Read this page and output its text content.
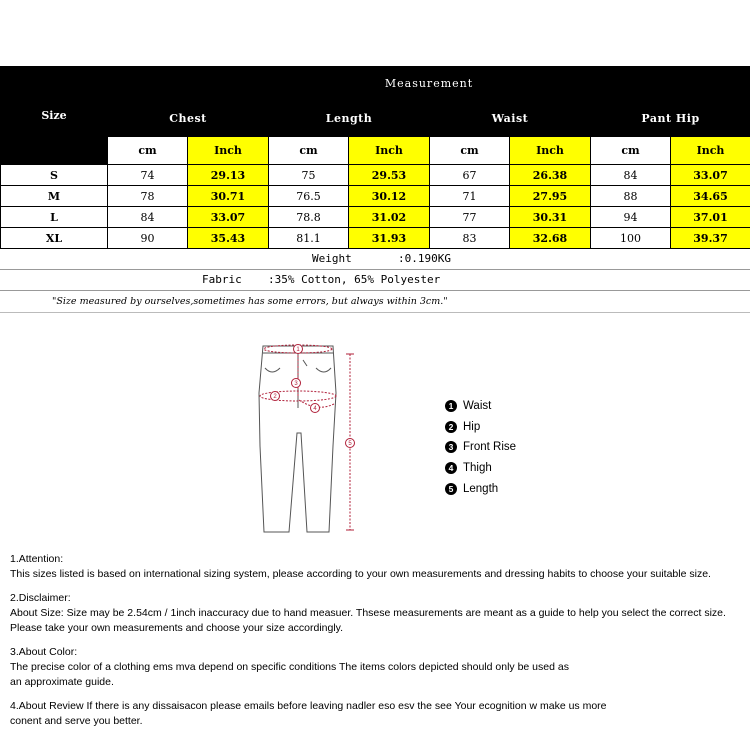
Size	Measurement							
	Chest		Length		Waist		Pant Hip	
	cm	Inch	cm	Inch	cm	Inch	cm	Inch
S	74	29.13	75	29.53	67	26.38	84	33.07
M	78	30.71	76.5	30.12	71	27.95	88	34.65
L	84	33.07	78.8	31.02	77	30.31	94	37.01
XL	90	35.43	81.1	31.93	83	32.68	100	39.37
Weight	:0.190KG
Fabric :35% Cotton, 65% Polyester
"Size measured by ourselves,sometimes has some errors, but always within 3cm."
1
3
2
4
5
1 Waist
2 Hip
3 Front Rise
4 Thigh
5 Length

1.Attention:

This sizes listed is based on international sizing system, please according to your own measurements and dressing habits to choose your suitable size.

2.Disclaimer:

About Size: Size may be 2.54cm / 1inch inaccuracy due to hand measuer. Thsese measurements are meant as a guide to help you select the correct size.

Please take your own measurements and choose your size accordingly.

3.About Color:

The precise color of a clothing ems mva depend on specific conditions The items colors depicted should only be used as

an approximate guide.

4.About Review If there is any dissaisacon please emails before leaving nadler eso esv the see Your ecognition w make us more

conent and serve you better.
